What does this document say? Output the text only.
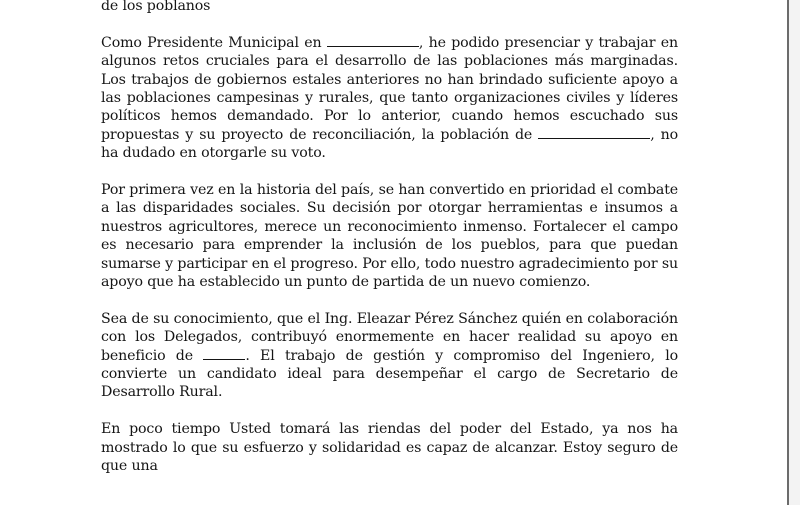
de los poblanos

Como Presidente Municipal en	, he podido presenciar y trabajar en algunos retos cruciales para el desarrollo de las poblaciones más marginadas. Los trabajos de gobiernos estales anteriores no han brindado suficiente apoyo a las poblaciones campesinas y rurales, que tanto organizaciones civiles y líderes políticos hemos demandado. Por lo anterior, cuando hemos escuchado sus propuestas y su proyecto de reconciliación, la población de	, no ha dudado en otorgarle su voto.

Por primera vez en la historia del país, se han convertido en prioridad el combate a las disparidades sociales. Su decisión por otorgar herramientas e insumos a nuestros agricultores, merece un reconocimiento inmenso. Fortalecer el campo es necesario para emprender la inclusión de los pueblos, para que puedan sumarse y participar en el progreso. Por ello, todo nuestro agradecimiento por su apoyo que ha establecido un punto de partida de un nuevo comienzo.

Sea de su conocimiento, que el Ing. Eleazar Pérez Sánchez quién en colaboración con los Delegados, contribuyó enormemente en hacer realidad su apoyo en beneficio de	. El trabajo de gestión y compromiso del Ingeniero, lo convierte un candidato ideal para desempeñar el cargo de Secretario de Desarrollo Rural.

En poco tiempo Usted tomará las riendas del poder del Estado, ya nos ha mostrado lo que su esfuerzo y solidaridad es capaz de alcanzar. Estoy seguro de que una
